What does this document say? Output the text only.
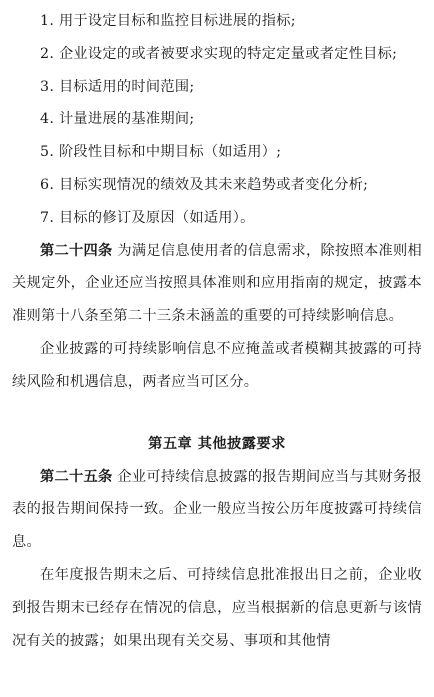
1. 用于设定目标和监控目标进展的指标;

2. 企业设定的或者被要求实现的特定定量或者定性目标;

3. 目标适用的时间范围;

4. 计量进展的基准期间;

5. 阶段性目标和中期目标（如适用）;

6. 目标实现情况的绩效及其未来趋势或者变化分析;

7. 目标的修订及原因（如适用）。

第二十四条 为满足信息使用者的信息需求，除按照本准则相关规定外，企业还应当按照具体准则和应用指南的规定，披露本准则第十八条至第二十三条未涵盖的重要的可持续影响信息。

企业披露的可持续影响信息不应掩盖或者模糊其披露的可持续风险和机遇信息，两者应当可区分。

第五章 其他披露要求

第二十五条 企业可持续信息披露的报告期间应当与其财务报表的报告期间保持一致。企业一般应当按公历年度披露可持续信息。

在年度报告期末之后、可持续信息批准报出日之前，企业收到报告期末已经存在情况的信息，应当根据新的信息更新与该情况有关的披露；如果出现有关交易、事项和其他情
